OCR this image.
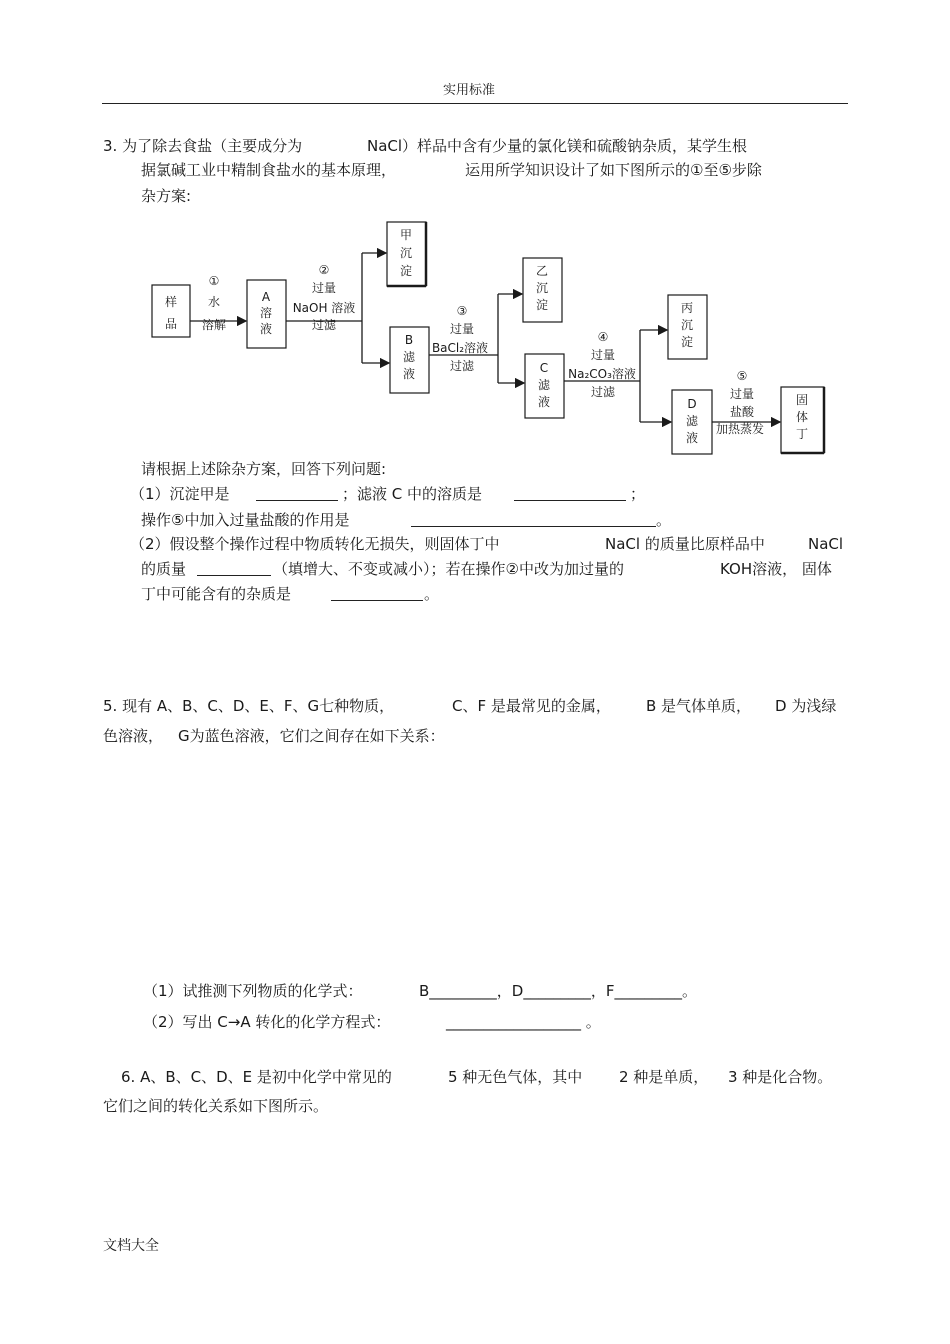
实用标准
3. 为了除去食盐（主要成分为	NaCl）样品中含有少量的氯化镁和硫酸钠杂质，某学生根
据氯碱工业中精制食盐水的基本原理，	运用所学知识设计了如下图所示的①至⑤步除
杂方案:
样
品
①
水
溶解
A
溶
液
②
过量
NaOH 溶液
过滤
甲
沉
淀
B
滤
液
③
过量
BaCl₂溶液
过滤
乙
沉
淀
C
滤
液
④
过量
Na₂CO₃溶液
过滤
丙
沉
淀
D
滤
液
⑤
过量
盐酸
加热蒸发
固
体
丁
请根据上述除杂方案，回答下列问题:
（1）沉淀甲是	；滤液 C 中的溶质是	；
操作⑤中加入过量盐酸的作用是	。
（2）假设整个操作过程中物质转化无损失，则固体丁中	NaCl 的质量比原样品中	NaCl
的质量	（填增大、不变或减小）；若在操作②中改为加过量的	KOH溶液， 固体
丁中可能含有的杂质是	。
5. 现有 A、B、C、D、E、F、G七种物质，	C、F 是最常见的金属， B 是气体单质， D 为浅绿
色溶液， G为蓝色溶液，它们之间存在如下关系：
（1）试推测下列物质的化学式：	B_________，D_________，F_________。
（2）写出 C→A 转化的化学方程式：	__________________ 。
6. A、B、C、D、E 是初中化学中常见的	5 种无色气体，其中 2 种是单质， 3 种是化合物。
它们之间的转化关系如下图所示。
文档大全
